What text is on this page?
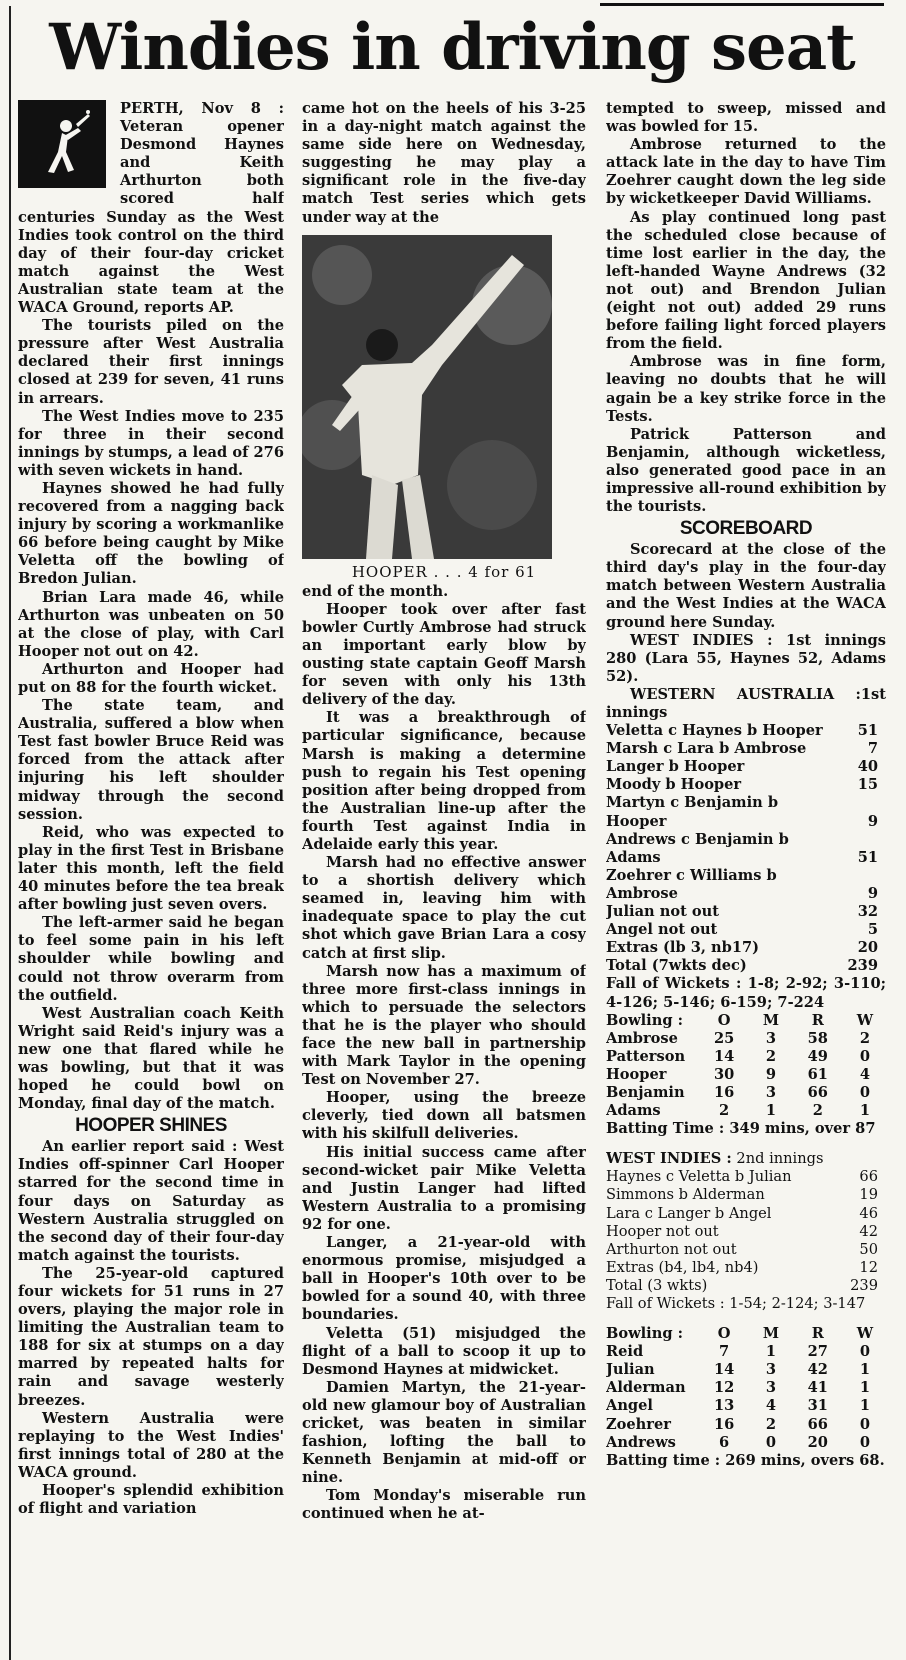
Windies in driving seat

PERTH, Nov 8 : Veteran opener Desmond Haynes and Keith Arthurton both scored half centuries Sunday as the West Indies took control on the third day of their four-day cricket match against the West Australian state team at the WACA Ground, reports AP.

The tourists piled on the pressure after West Australia declared their first innings closed at 239 for seven, 41 runs in arrears.

The West Indies move to 235 for three in their second innings by stumps, a lead of 276 with seven wickets in hand.

Haynes showed he had fully recovered from a nagging back injury by scoring a workmanlike 66 before being caught by Mike Veletta off the bowling of Bredon Julian.

Brian Lara made 46, while Arthurton was unbeaten on 50 at the close of play, with Carl Hooper not out on 42.

Arthurton and Hooper had put on 88 for the fourth wicket.

The state team, and Australia, suffered a blow when Test fast bowler Bruce Reid was forced from the attack after injuring his left shoulder midway through the second session.

Reid, who was expected to play in the first Test in Brisbane later this month, left the field 40 minutes before the tea break after bowling just seven overs.

The left-armer said he began to feel some pain in his left shoulder while bowling and could not throw overarm from the outfield.

West Australian coach Keith Wright said Reid's injury was a new one that flared while he was bowling, but that it was hoped he could bowl on Monday, final day of the match.

HOOPER SHINES

An earlier report said : West Indies off-spinner Carl Hooper starred for the second time in four days on Saturday as Western Australia struggled on the second day of their four-day match against the tourists.

The 25-year-old captured four wickets for 51 runs in 27 overs, playing the major role in limiting the Australian team to 188 for six at stumps on a day marred by repeated halts for rain and savage westerly breezes.

Western Australia were replaying to the West Indies' first innings total of 280 at the WACA ground.

Hooper's splendid exhibition of flight and variation

came hot on the heels of his 3-25 in a day-night match against the same side here on Wednesday, suggesting he may play a significant role in the five-day match Test series which gets under way at the

HOOPER . . . 4 for 61

end of the month.

Hooper took over after fast bowler Curtly Ambrose had struck an important early blow by ousting state captain Geoff Marsh for seven with only his 13th delivery of the day.

It was a breakthrough of particular significance, because Marsh is making a determine push to regain his Test opening position after being dropped from the Australian line-up after the fourth Test against India in Adelaide early this year.

Marsh had no effective answer to a shortish delivery which seamed in, leaving him with inadequate space to play the cut shot which gave Brian Lara a cosy catch at first slip.

Marsh now has a maximum of three more first-class innings in which to persuade the selectors that he is the player who should face the new ball in partnership with Mark Taylor in the opening Test on November 27.

Hooper, using the breeze cleverly, tied down all batsmen with his skilfull deliveries.

His initial success came after second-wicket pair Mike Veletta and Justin Langer had lifted Western Australia to a promising 92 for one.

Langer, a 21-year-old with enormous promise, misjudged a ball in Hooper's 10th over to be bowled for a sound 40, with three boundaries.

Veletta (51) misjudged the flight of a ball to scoop it up to Desmond Haynes at midwicket.

Damien Martyn, the 21-year-old new glamour boy of Australian cricket, was beaten in similar fashion, lofting the ball to Kenneth Benjamin at mid-off or nine.

Tom Monday's miserable run continued when he at-

tempted to sweep, missed and was bowled for 15.

Ambrose returned to the attack late in the day to have Tim Zoehrer caught down the leg side by wicketkeeper David Williams.

As play continued long past the scheduled close because of time lost earlier in the day, the left-handed Wayne Andrews (32 not out) and Brendon Julian (eight not out) added 29 runs before failing light forced players from the field.

Ambrose was in fine form, leaving no doubts that he will again be a key strike force in the Tests.

Patrick Patterson and Benjamin, although wicketless, also generated good pace in an impressive all-round exhibition by the tourists.

SCOREBOARD

Scorecard at the close of the third day's play in the four-day match between Western Australia and the West Indies at the WACA ground here Sunday.

WEST INDIES : 1st innings 280 (Lara 55, Haynes 52, Adams 52).

WESTERN AUSTRALIA :1st innings

Veletta c Haynes b Hooper 51
Marsh c Lara b Ambrose	7
Langer b Hooper	40
Moody b Hooper	15
Martyn c Benjamin b
Hooper	9
Andrews c Benjamin b
Adams	51
Zoehrer c Williams b
Ambrose	9
Julian not out	32
Angel not out	5
Extras (lb 3, nb17)	20
Total (7wkts dec)	239
Fall of Wickets : 1-8; 2-92; 3-110; 4-126; 5-146; 6-159; 7-224
Bowling :	O	M	R	W
Ambrose	25	3	58	2
Patterson	14	2	49	0
Hooper	30	9	61	4
Benjamin	16	3	66	0
Adams	2	1	2	1
Batting Time : 349 mins, over 87
WEST INDIES : 2nd innings
Haynes c Veletta b Julian	66
Simmons b Alderman	19
Lara c Langer b Angel	46
Hooper not out	42
Arthurton not out	50
Extras (b4, lb4, nb4)	12
Total (3 wkts)	239
Fall of Wickets : 1-54; 2-124; 3-147
Bowling :	O	M	R	W
Reid	7	1	27	0
Julian	14	3	42	1
Alderman	12	3	41	1
Angel	13	4	31	1
Zoehrer	16	2	66	0
Andrews	6	0	20	0
Batting time : 269 mins, overs 68.
